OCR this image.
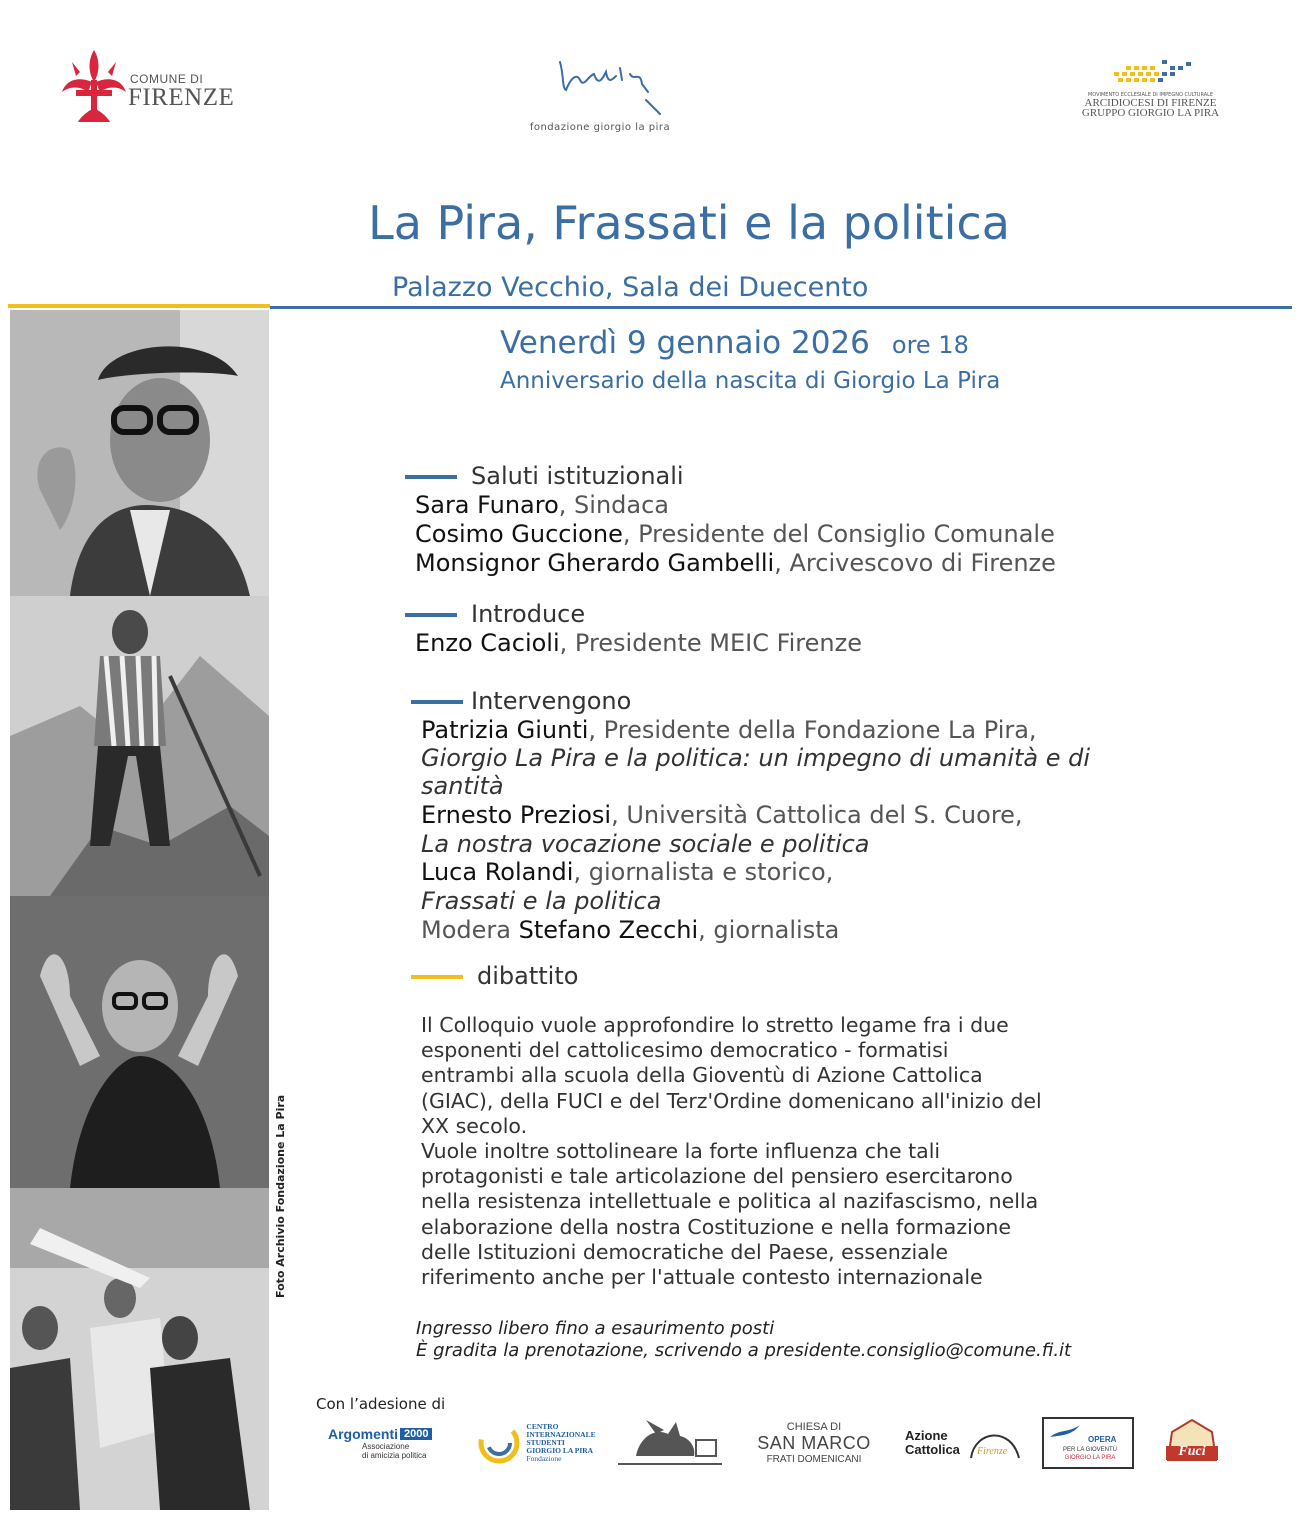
COMUNE DI
FIRENZE
fondazione giorgio la pira
MOVIMENTO ECCLESIALE DI IMPEGNO CULTURALE
ARCIDIOCESI DI FIRENZE
GRUPPO GIORGIO LA PIRA
La Pira, Frassati e la politica
Palazzo Vecchio, Sala dei Duecento
Venerdì 9 gennaio 2026 ore 18
Anniversario della nascita di Giorgio La Pira
Foto Archivio Fondazione La Pira
Saluti istituzionali
Sara Funaro, Sindaca
Cosimo Guccione, Presidente del Consiglio Comunale
Monsignor Gherardo Gambelli, Arcivescovo di Firenze
Introduce
Enzo Cacioli, Presidente MEIC Firenze
Intervengono
Patrizia Giunti, Presidente della Fondazione La Pira,
Giorgio La Pira e la politica: un impegno di umanità e di
santità
Ernesto Preziosi, Università Cattolica del S. Cuore,
La nostra vocazione sociale e politica
Luca Rolandi, giornalista e storico,
Frassati e la politica
Modera Stefano Zecchi, giornalista
dibattito

Il Colloquio vuole approfondire lo stretto legame fra i due

esponenti del cattolicesimo democratico - formatisi

entrambi alla scuola della Gioventù di Azione Cattolica

(GIAC), della FUCI e del Terz'Ordine domenicano all'inizio del

XX secolo.

Vuole inoltre sottolineare la forte influenza che tali

protagonisti e tale articolazione del pensiero esercitarono

nella resistenza intellettuale e politica al nazifascismo, nella

elaborazione della nostra Costituzione e nella formazione

delle Istituzioni democratiche del Paese, essenziale

riferimento anche per l'attuale contesto internazionale

Ingresso libero fino a esaurimento posti
È gradita la prenotazione, scrivendo a presidente.consiglio@comune.fi.it
Con l’adesione di
Argomenti 2000
Associazione
di amicizia politica
CENTRO
INTERNAZIONALE
STUDENTI
GIORGIO LA PIRA
Fondazione
CHIESA DI
SAN MARCO
FRATI DOMENICANI
Azione
Cattolica Firenze
OPERA
PER LA GIOVENTÙ
GIORGIO LA PIRA	Fuci
